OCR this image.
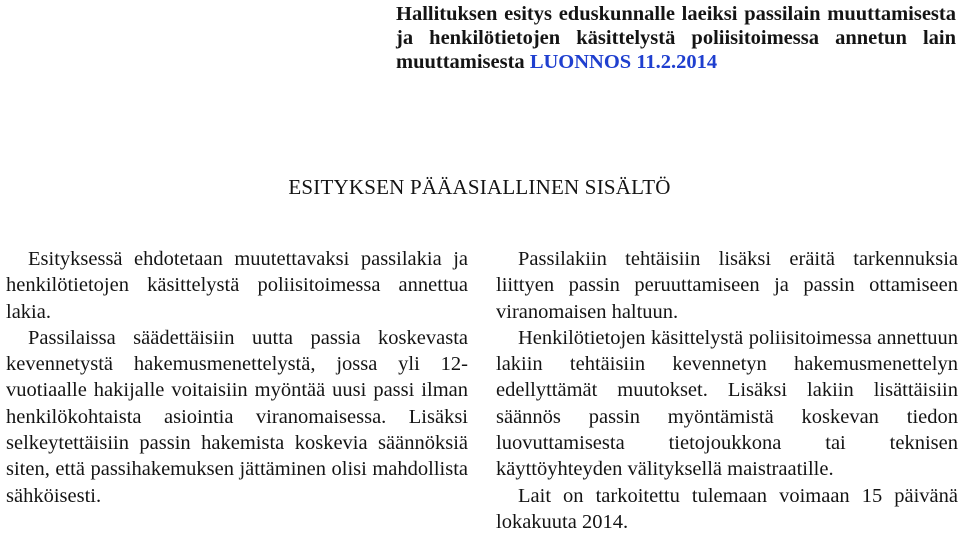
Hallituksen esitys eduskunnalle laeiksi passilain muuttamisesta ja henkilötietojen käsittelystä poliisitoimessa annetun lain muuttamisesta LUONNOS 11.2.2014
ESITYKSEN PÄÄASIALLINEN SISÄLTÖ

Esityksessä ehdotetaan muutettavaksi passilakia ja henkilötietojen käsittelystä poliisitoimessa annettua lakia.

Passilaissa säädettäisiin uutta passia koskevasta kevennetystä hakemusmenettelystä, jossa yli 12-vuotiaalle hakijalle voitaisiin myöntää uusi passi ilman henkilökohtaista asiointia viranomaisessa. Lisäksi selkeytettäisiin passin hakemista koskevia säännöksiä siten, että passihakemuksen jättäminen olisi mahdollista sähköisesti.

Passilakiin tehtäisiin lisäksi eräitä tarkennuksia liittyen passin peruuttamiseen ja passin ottamiseen viranomaisen haltuun.

Henkilötietojen käsittelystä poliisitoimessa annettuun lakiin tehtäisiin kevennetyn hakemusmenettelyn edellyttämät muutokset. Lisäksi lakiin lisättäisiin säännös passin myöntämistä koskevan tiedon luovuttamisesta tietojoukkona tai teknisen käyttöyhteyden välityksellä maistraatille.

Lait on tarkoitettu tulemaan voimaan 15 päivänä lokakuuta 2014.
